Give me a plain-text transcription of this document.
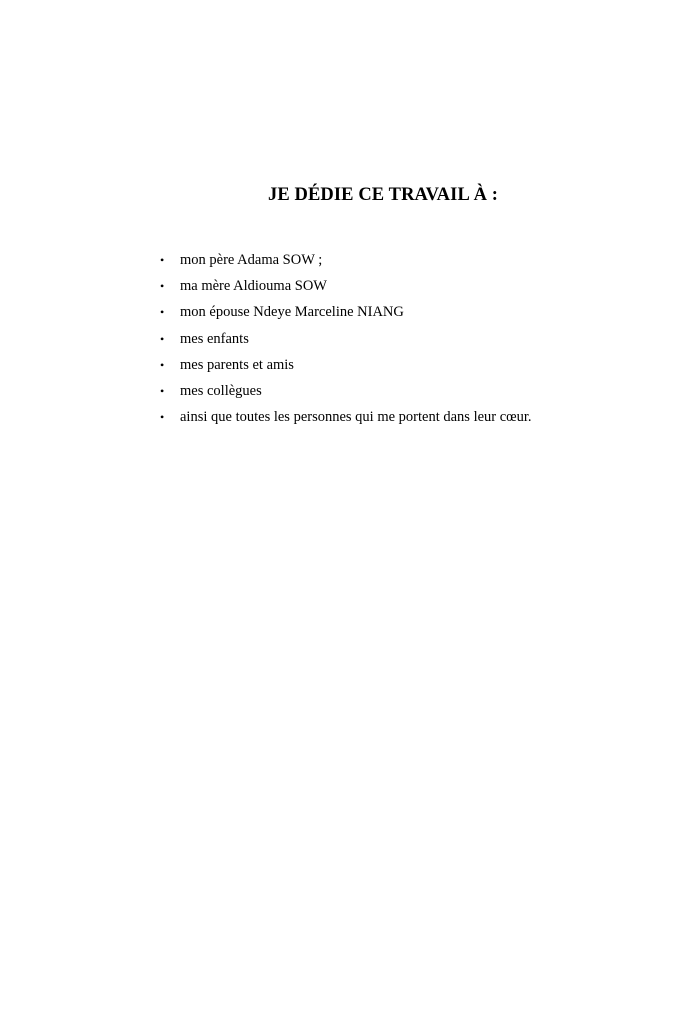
JE DÉDIE CE TRAVAIL À :
• mon père Adama SOW ;
• ma mère Aldiouma SOW
• mon épouse Ndeye Marceline NIANG
• mes enfants
• mes parents et amis
• mes collègues
• ainsi que toutes les personnes qui me portent dans leur cœur.
